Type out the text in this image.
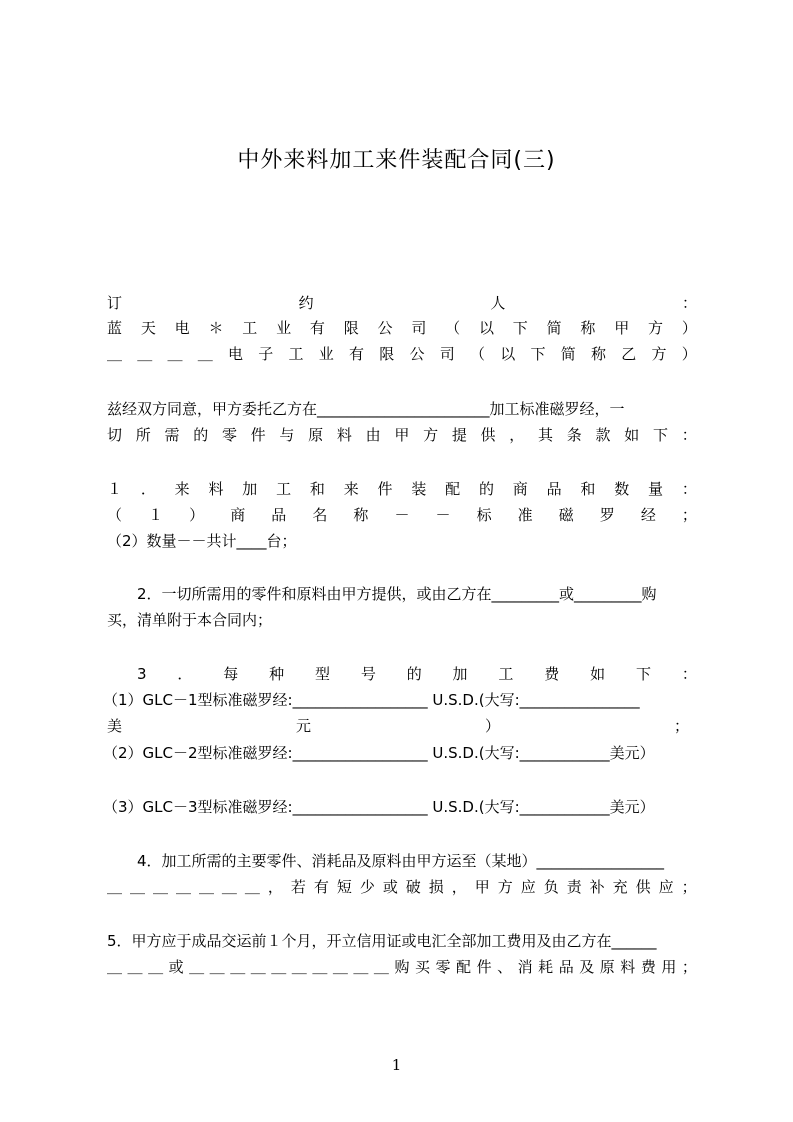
中外来料加工来件装配合同(三)
订	约	人	：
蓝 天 电 ＊ 工 业 有 限 公 司 （ 以 下 简 称 甲 方 ）
＿ ＿ ＿ ＿ 电 子 工 业 有 限 公 司 （ 以 下 简 称 乙 方 ）
兹经双方同意，甲方委托乙方在_______________________加工标准磁罗经，一
切 所 需 的 零 件 与 原 料 由 甲 方 提 供 ， 其 条 款 如 下 ：
１ ． 来 料 加 工 和 来 件 装 配 的 商 品 和 数 量 ：
（ １ ） 商 品 名 称 － － 标 准 磁 罗 经 ；
（2）数量－－共计____台；
2．一切所需用的零件和原料由甲方提供，或由乙方在_________或_________购
买，清单附于本合同内；
3 ． 每 种 型 号 的 加 工 费 如 下 ：
（1）GLC－1型标准磁罗经:__________________ U.S.D.(大写:________________
美	元	）	；
（2）GLC－2型标准磁罗经:__________________ U.S.D.(大写:____________美元）
（3）GLC－3型标准磁罗经:__________________ U.S.D.(大写:____________美元）
4．加工所需的主要零件、消耗品及原料由甲方运至（某地）_________________
＿ ＿ ＿ ＿ ＿ ＿ ＿ ， 若 有 短 少 或 破 损 ， 甲 方 应 负 责 补 充 供 应 ；
5．甲方应于成品交运前１个月，开立信用证或电汇全部加工费用及由乙方在______
＿ ＿ ＿ 或 ＿ ＿ ＿ ＿ ＿ ＿ ＿ ＿ ＿ ＿ 购 买 零 配 件 、 消 耗 品 及 原 料 费 用 ；
1
